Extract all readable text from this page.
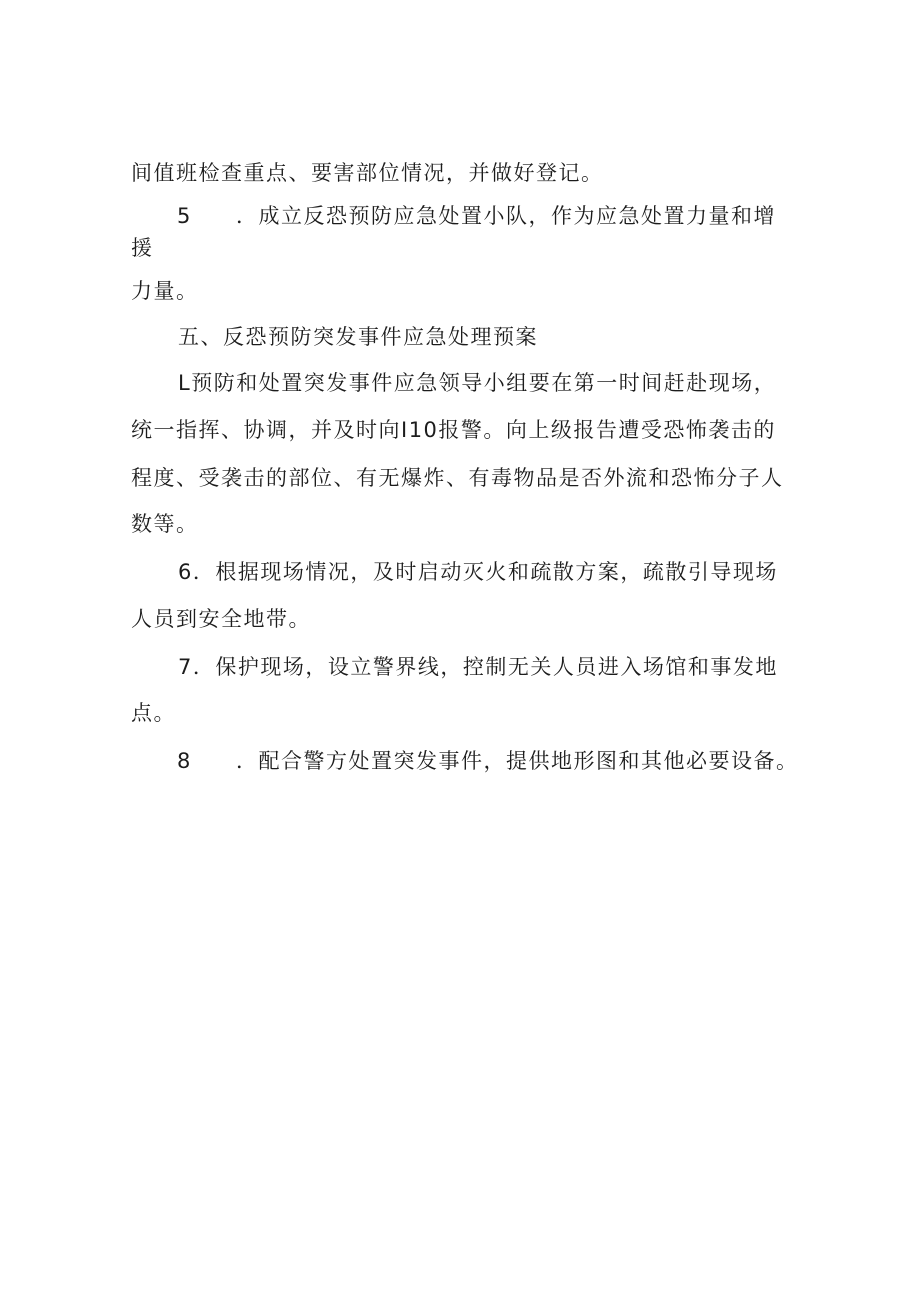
间值班检查重点、要害部位情况，并做好登记。
5 ．成立反恐预防应急处置小队，作为应急处置力量和增
援
力量。
五、反恐预防突发事件应急处理预案
L预防和处置突发事件应急领导小组要在第一时间赶赴现场，
统一指挥、协调，并及时向I10报警。向上级报告遭受恐怖袭击的
程度、受袭击的部位、有无爆炸、有毒物品是否外流和恐怖分子人
数等。
6．根据现场情况，及时启动灭火和疏散方案，疏散引导现场
人员到安全地带。
7．保护现场，设立警界线，控制无关人员进入场馆和事发地
点。
8 ．配合警方处置突发事件，提供地形图和其他必要设备。
